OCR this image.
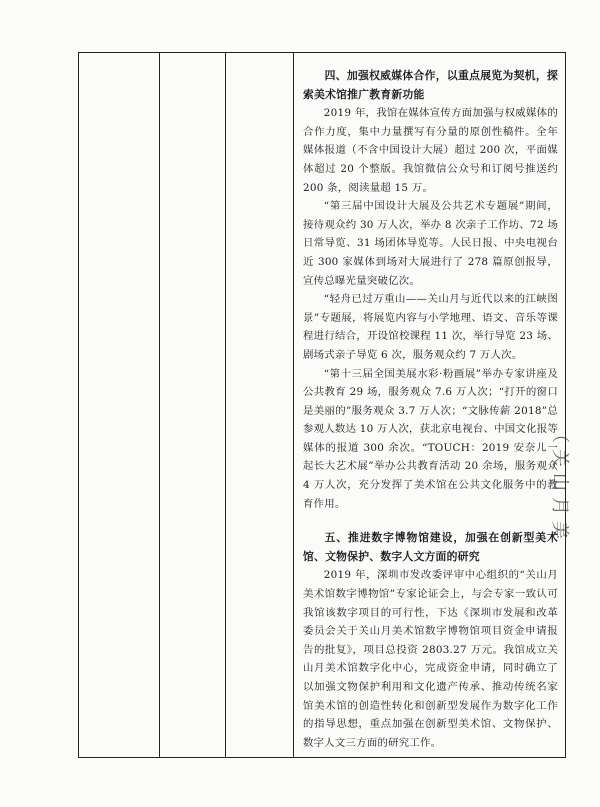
四、加强权威媒体合作，以重点展览为契机，探索美术馆推广教育新功能

2019 年，我馆在媒体宣传方面加强与权威媒体的合作力度，集中力量撰写有分量的原创性稿件。全年媒体报道（不含中国设计大展）超过 200 次，平面媒体超过 20 个整版。我馆微信公众号和订阅号推送约 200 条，阅读量超 15 万。

“第三届中国设计大展及公共艺术专题展”期间，接待观众约 30 万人次，举办 8 次亲子工作坊、72 场日常导览、31 场团体导览等。人民日报、中央电视台近 300 家媒体到场对大展进行了 278 篇原创报导，宣传总曝光量突破亿次。

“轻舟已过万重山——关山月与近代以来的江峡图景”专题展，将展览内容与小学地理、语文、音乐等课程进行结合，开设馆校课程 11 次，举行导览 23 场、剧场式亲子导览 6 次，服务观众约 7 万人次。

“第十三届全国美展水彩·粉画展”举办专家讲座及公共教育 29 场，服务观众 7.6 万人次；“打开的窗口是美丽的”服务观众 3.7 万人次；“文脉传薪 2018”总参观人数达 10 万人次，获北京电视台、中国文化报等媒体的报道 300 余次。“TOUCH：2019 安奈儿一起长大艺术展”举办公共教育活动 20 余场，服务观众 4 万人次，充分发挥了美术馆在公共文化服务中的教育作用。

五、推进数字博物馆建设，加强在创新型美术馆、文物保护、数字人文方面的研究

2019 年，深圳市发改委评审中心组织的“关山月美术馆数字博物馆”专家论证会上，与会专家一致认可我馆该数字项目的可行性，下达《深圳市发展和改革委员会关于关山月美术馆数字博物馆项目资金申请报告的批复》，项目总投资 2803.27 万元。我馆成立关山月美术馆数字化中心，完成资金申请，同时确立了以加强文物保护利用和文化遗产传承、推动传统名家馆美术馆的创造性转化和创新型发展作为数字化工作的指导思想，重点加强在创新型美术馆、文物保护、数字人文三方面的研究工作。

（关山月美
